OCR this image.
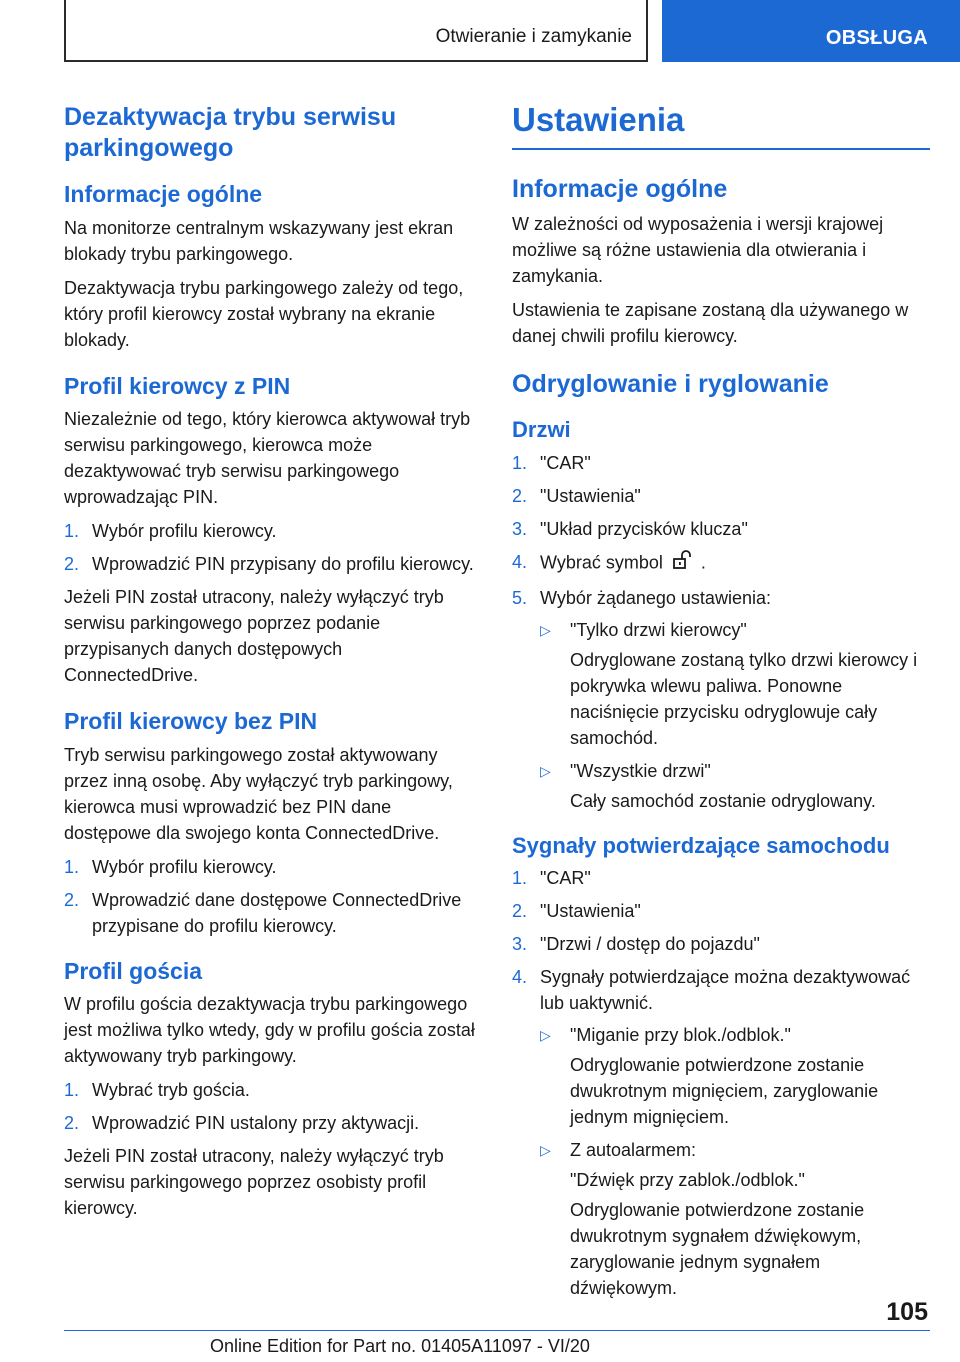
Otwieranie i zamykanie	OBSŁUGA
Dezaktywacja trybu serwisu parkingowego
Informacje ogólne

Na monitorze centralnym wskazywany jest ekran blokady trybu parkingowego.

Dezaktywacja trybu parkingowego zależy od tego, który profil kierowcy został wybrany na ekranie blokady.

Profil kierowcy z PIN

Niezależnie od tego, który kierowca aktywował tryb serwisu parkingowego, kierowca może dezaktywować tryb serwisu parkingowego wprowadzając PIN.

1. Wybór profilu kierowcy.
2. Wprowadzić PIN przypisany do profilu kierowcy.

Jeżeli PIN został utracony, należy wyłączyć tryb serwisu parkingowego poprzez podanie przypisanych danych dostępowych ConnectedDrive.

Profil kierowcy bez PIN

Tryb serwisu parkingowego został aktywowany przez inną osobę. Aby wyłączyć tryb parkingowy, kierowca musi wprowadzić bez PIN dane dostępowe dla swojego konta ConnectedDrive.

1. Wybór profilu kierowcy.
2. Wprowadzić dane dostępowe ConnectedDrive przypisane do profilu kierowcy.
Profil gościa

W profilu gościa dezaktywacja trybu parkingowego jest możliwa tylko wtedy, gdy w profilu gościa został aktywowany tryb parkingowy.

1. Wybrać tryb gościa.
2. Wprowadzić PIN ustalony przy aktywacji.

Jeżeli PIN został utracony, należy wyłączyć tryb serwisu parkingowego poprzez osobisty profil kierowcy.

Ustawienia
Informacje ogólne

W zależności od wyposażenia i wersji krajowej możliwe są różne ustawienia dla otwierania i zamykania.

Ustawienia te zapisane zostaną dla używanego w danej chwili profilu kierowcy.

Odryglowanie i ryglowanie
Drzwi
1. "CAR"
2. "Ustawienia"
3. "Układ przycisków klucza"
4. Wybrać symbol .
5. Wybór żądanego ustawienia:
▷ "Tylko drzwi kierowcy"

Odryglowane zostaną tylko drzwi kierowcy i pokrywka wlewu paliwa. Ponowne naciśnięcie przycisku odryglowuje cały samochód.

▷ "Wszystkie drzwi"

Cały samochód zostanie odryglowany.

Sygnały potwierdzające samochodu
1. "CAR"
2. "Ustawienia"
3. "Drzwi / dostęp do pojazdu"
4. Sygnały potwierdzające można dezaktywować lub uaktywnić.
▷ "Miganie przy blok./odblok."

Odryglowanie potwierdzone zostanie dwukrotnym mignięciem, zaryglowanie jednym mignięciem.

▷ Z autoalarmem:

"Dźwięk przy zablok./odblok."

Odryglowanie potwierdzone zostanie dwukrotnym sygnałem dźwiękowym, zaryglowanie jednym sygnałem dźwiękowym.

105
Online Edition for Part no. 01405A11097 - VI/20
